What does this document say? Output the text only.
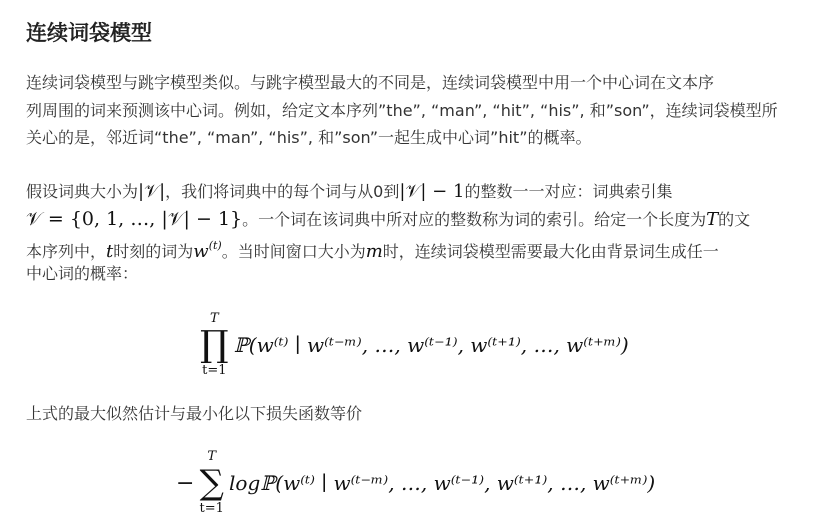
连续词袋模型
连续词袋模型与跳字模型类似。与跳字模型最大的不同是，连续词袋模型中用一个中心词在文本序
列周围的词来预测该中心词。例如，给定文本序列”the”, “man”, “hit”, “his”, 和”son”，连续词袋模型所
关心的是，邻近词“the”, “man”, “his”, 和”son”一起生成中心词”hit”的概率。
假设词典大小为|𝒱|，我们将词典中的每个词与从0到|𝒱| − 1的整数一一对应：词典索引集
𝒱 = {0, 1, …, |𝒱| − 1}。一个词在该词典中所对应的整数称为词的索引。给定一个长度为T的文
本序列中，t时刻的词为$w^{(t)}$。当时间窗口大小为m时，连续词袋模型需要最大化由背景词生成任一
中心词的概率：
T
∏
t=1
ℙ(w⁽ᵗ⁾ ∣ w⁽ᵗ⁻ᵐ⁾, …, w⁽ᵗ⁻¹⁾, w⁽ᵗ⁺¹⁾, …, w⁽ᵗ⁺ᵐ⁾)
上式的最大似然估计与最小化以下损失函数等价
−
T
∑
t=1
logℙ(w⁽ᵗ⁾ ∣ w⁽ᵗ⁻ᵐ⁾, …, w⁽ᵗ⁻¹⁾, w⁽ᵗ⁺¹⁾, …, w⁽ᵗ⁺ᵐ⁾)
